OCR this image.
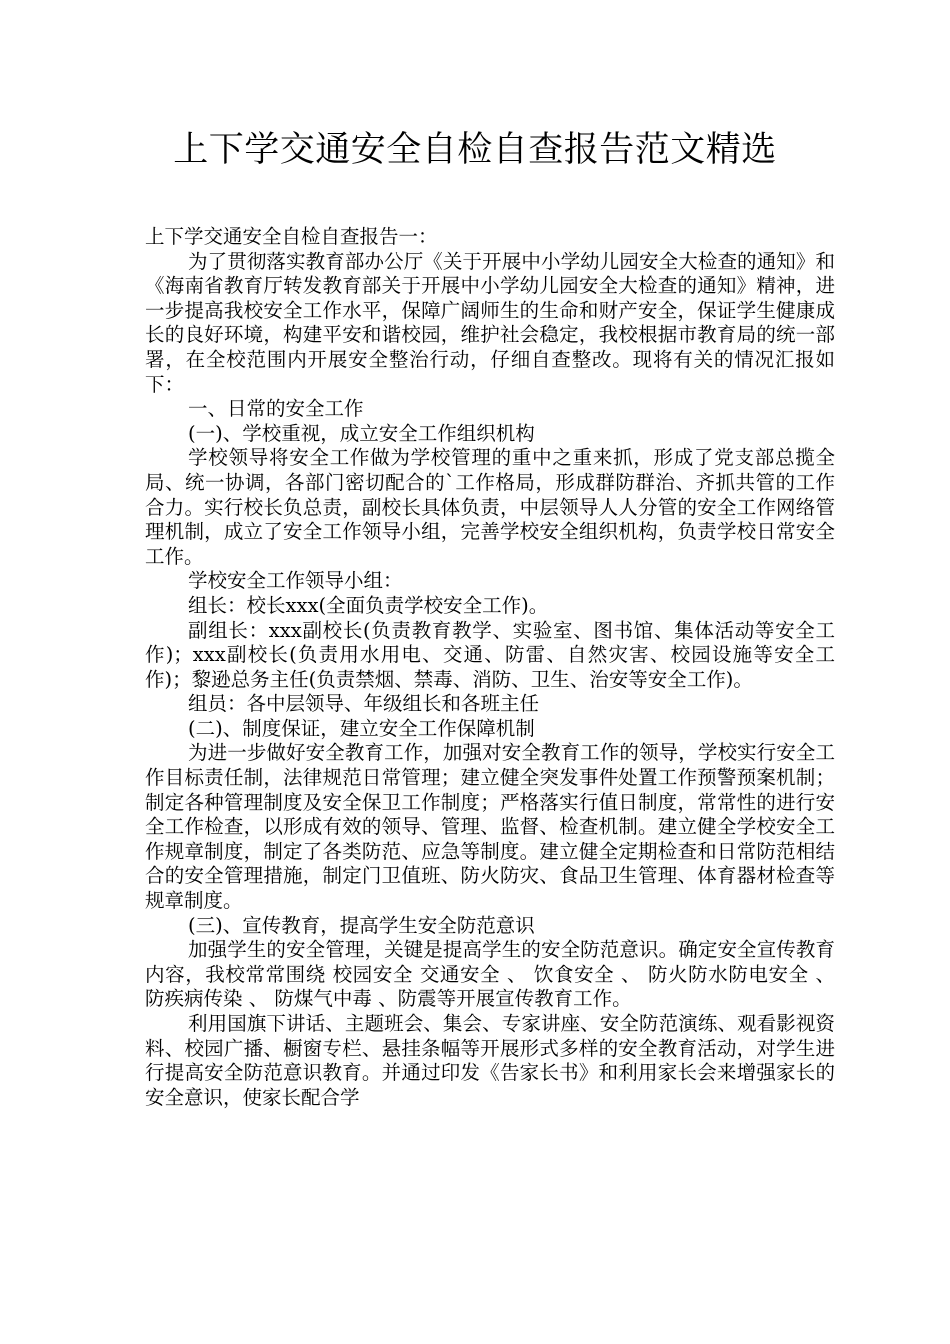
上下学交通安全自检自查报告范文精选

上下学交通安全自检自查报告一：

为了贯彻落实教育部办公厅《关于开展中小学幼儿园安全大检查的通知》和《海南省教育厅转发教育部关于开展中小学幼儿园安全大检查的通知》精神，进一步提高我校安全工作水平，保障广阔师生的生命和财产安全，保证学生健康成长的良好环境，构建平安和谐校园，维护社会稳定，我校根据市教育局的统一部署，在全校范围内开展安全整治行动，仔细自查整改。现将有关的情况汇报如下：

一、日常的安全工作

(一)、学校重视，成立安全工作组织机构

学校领导将安全工作做为学校管理的重中之重来抓，形成了党支部总揽全局、统一协调，各部门密切配合的`工作格局，形成群防群治、齐抓共管的工作合力。实行校长负总责，副校长具体负责，中层领导人人分管的安全工作网络管理机制，成立了安全工作领导小组，完善学校安全组织机构，负责学校日常安全工作。

学校安全工作领导小组：

组长：校长xxx(全面负责学校安全工作)。

副组长：xxx副校长(负责教育教学、实验室、图书馆、集体活动等安全工作)；xxx副校长(负责用水用电、交通、防雷、自然灾害、校园设施等安全工作)；黎逊总务主任(负责禁烟、禁毒、消防、卫生、治安等安全工作)。

组员：各中层领导、年级组长和各班主任

(二)、制度保证，建立安全工作保障机制

为进一步做好安全教育工作，加强对安全教育工作的领导，学校实行安全工作目标责任制，法律规范日常管理；建立健全突发事件处置工作预警预案机制；制定各种管理制度及安全保卫工作制度；严格落实行值日制度，常常性的进行安全工作检查，以形成有效的领导、管理、监督、检查机制。建立健全学校安全工作规章制度，制定了各类防范、应急等制度。建立健全定期检查和日常防范相结合的安全管理措施，制定门卫值班、防火防灾、食品卫生管理、体育器材检查等规章制度。

(三)、宣传教育，提高学生安全防范意识

加强学生的安全管理，关键是提高学生的安全防范意识。确定安全宣传教育内容，我校常常围绕 校园安全 交通安全 、 饮食安全 、 防火防水防电安全 、 防疾病传染 、 防煤气中毒 、防震等开展宣传教育工作。

利用国旗下讲话、主题班会、集会、专家讲座、安全防范演练、观看影视资料、校园广播、橱窗专栏、悬挂条幅等开展形式多样的安全教育活动，对学生进行提高安全防范意识教育。并通过印发《告家长书》和利用家长会来增强家长的安全意识，使家长配合学
